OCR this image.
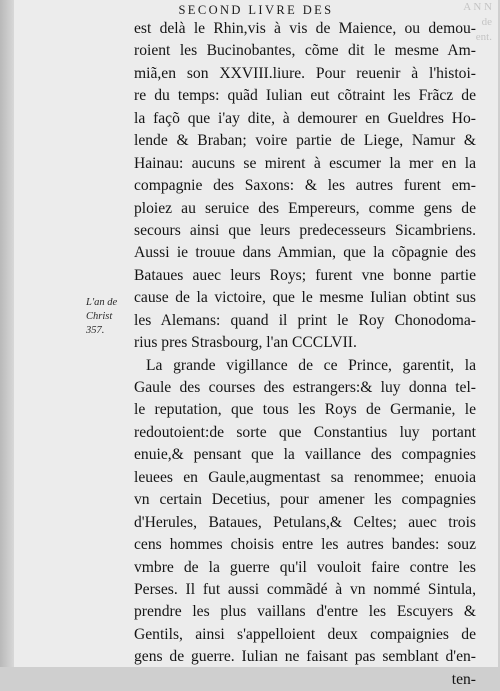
A N N
de
ent.
SECOND LIVRE DES
L'an de
Christ
357.
est delà le Rhin,vis à vis de Maience, ou demou-
roient les Bucinobantes, cõme dit le mesme Am-
miã,en son XXVIII.liure. Pour reuenir à l'histoi-
re du temps: quãd Iulian eut cõtraint les Frãcz de
la façõ que i'ay dite, à demourer en Gueldres Ho-
lende & Braban; voire partie de Liege, Namur &
Hainau: aucuns se mirent à escumer la mer en la
compagnie des Saxons: & les autres furent em-
ploiez au seruice des Empereurs, comme gens de
secours ainsi que leurs predecesseurs Sicambriens.
Aussi ie trouue dans Ammian, que la cõpagnie des
Bataues auec leurs Roys; furent vne bonne partie
cause de la victoire, que le mesme Iulian obtint sus
les Alemans: quand il print le Roy Chonodoma-
rius pres Strasbourg, l'an CCCLVII.
La grande vigillance de ce Prince, garentit, la
Gaule des courses des estrangers:& luy donna tel-
le reputation, que tous les Roys de Germanie, le
redoutoient:de sorte que Constantius luy portant
enuie,& pensant que la vaillance des compagnies
leuees en Gaule,augmentast sa renommee; enuoia
vn certain Decetius, pour amener les compagnies
d'Herules, Bataues, Petulans,& Celtes; auec trois
cens hommes choisis entre les autres bandes: souz
vmbre de la guerre qu'il vouloit faire contre les
Perses. Il fut aussi commãdé à vn nommé Sintula,
prendre les plus vaillans d'entre les Escuyers &
Gentils, ainsi s'appelloient deux compaignies de
gens de guerre. Iulian ne faisant pas semblant d'en-
ten-
